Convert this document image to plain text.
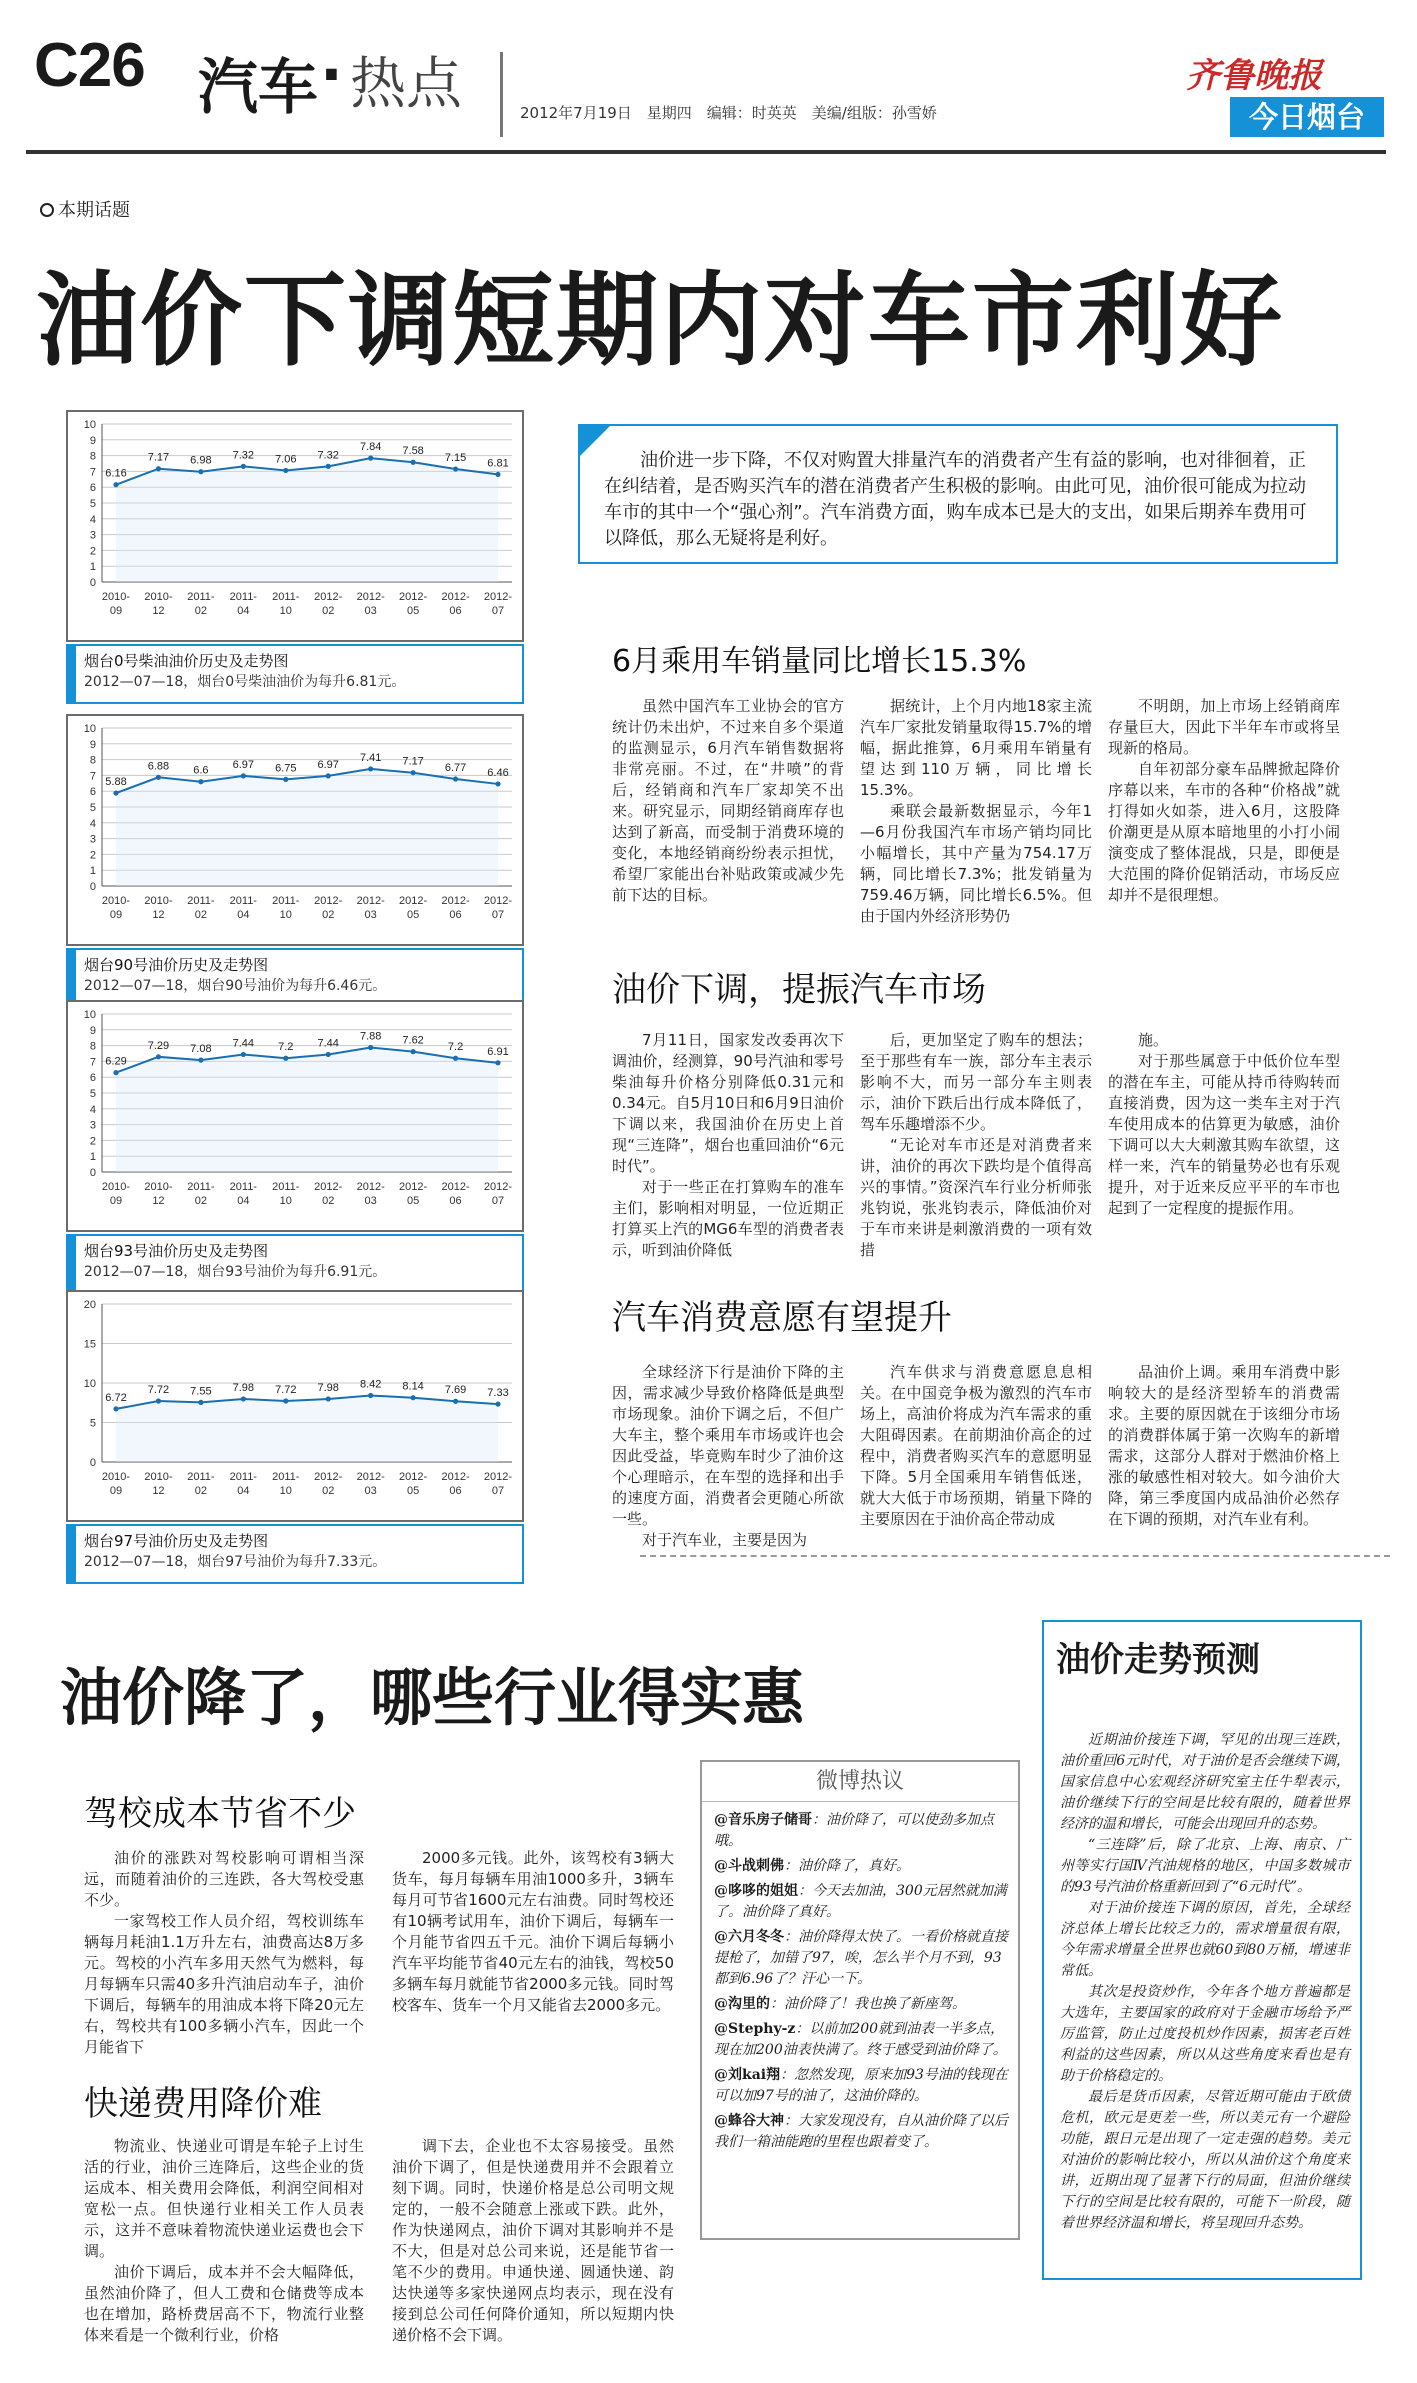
C26 汽车 · 热点	2012年7月19日　星期四　编辑：时英英　美编/组版：孙雪娇
齐鲁晚报
今日烟台
本期话题
油价下调短期内对车市利好
0
1
2
3
4
5
6
7
8
9
10
6.16
2010-
09
7.17
2010-
12
6.98
2011-
02
7.32
2011-
04
7.06
2011-
10
7.32
2012-
02
7.84
2012-
03
7.58
2012-
05
7.15
2012-
06
6.81
2012-
07
烟台0号柴油油价历史及走势图
2012—07—18，烟台0号柴油油价为每升6.81元。
0
1
2
3
4
5
6
7
8
9
10
5.88
2010-
09
6.88
2010-
12
6.6
2011-
02
6.97
2011-
04
6.75
2011-
10
6.97
2012-
02
7.41
2012-
03
7.17
2012-
05
6.77
2012-
06
6.46
2012-
07
烟台90号油价历史及走势图
2012—07—18，烟台90号油价为每升6.46元。
0
1
2
3
4
5
6
7
8
9
10
6.29
2010-
09
7.29
2010-
12
7.08
2011-
02
7.44
2011-
04
7.2
2011-
10
7.44
2012-
02
7.88
2012-
03
7.62
2012-
05
7.2
2012-
06
6.91
2012-
07
烟台93号油价历史及走势图
2012—07—18，烟台93号油价为每升6.91元。
0
5
10
15
20
6.72
2010-
09
7.72
2010-
12
7.55
2011-
02
7.98
2011-
04
7.72
2011-
10
7.98
2012-
02
8.42
2012-
03
8.14
2012-
05
7.69
2012-
06
7.33
2012-
07
烟台97号油价历史及走势图
2012—07—18，烟台97号油价为每升7.33元。
油价进一步下降，不仅对购置大排量汽车的消费者产生有益的影响，也对徘徊着，正在纠结着，是否购买汽车的潜在消费者产生积极的影响。由此可见，油价很可能成为拉动车市的其中一个“强心剂”。汽车消费方面，购车成本已是大的支出，如果后期养车费用可以降低，那么无疑将是利好。
6月乘用车销量同比增长15.3%

虽然中国汽车工业协会的官方统计仍未出炉，不过来自多个渠道的监测显示，6月汽车销售数据将非常亮丽。不过，在“井喷”的背后，经销商和汽车厂家却笑不出来。研究显示，同期经销商库存也达到了新高，而受制于消费环境的变化，本地经销商纷纷表示担忧，希望厂家能出台补贴政策或减少先前下达的目标。

据统计，上个月内地18家主流汽车厂家批发销量取得15.7%的增幅，据此推算，6月乘用车销量有望达到110万辆，同比增长15.3%。

乘联会最新数据显示，今年1—6月份我国汽车市场产销均同比小幅增长，其中产量为754.17万辆，同比增长7.3%；批发销量为759.46万辆，同比增长6.5%。但由于国内外经济形势仍

不明朗，加上市场上经销商库存量巨大，因此下半年车市或将呈现新的格局。

自年初部分豪车品牌掀起降价序幕以来，车市的各种“价格战”就打得如火如荼，进入6月，这股降价潮更是从原本暗地里的小打小闹演变成了整体混战，只是，即便是大范围的降价促销活动，市场反应却并不是很理想。

油价下调，提振汽车市场

7月11日，国家发改委再次下调油价，经测算，90号汽油和零号柴油每升价格分别降低0.31元和0.34元。自5月10日和6月9日油价下调以来，我国油价在历史上首现“三连降”，烟台也重回油价“6元时代”。

对于一些正在打算购车的准车主们，影响相对明显，一位近期正打算买上汽的MG6车型的消费者表示，听到油价降低

后，更加坚定了购车的想法；至于那些有车一族，部分车主表示影响不大，而另一部分车主则表示，油价下跌后出行成本降低了，驾车乐趣增添不少。

“无论对车市还是对消费者来讲，油价的再次下跌均是个值得高兴的事情。”资深汽车行业分析师张兆钧说，张兆钧表示，降低油价对于车市来讲是刺激消费的一项有效措

施。

对于那些属意于中低价位车型的潜在车主，可能从持币待购转而直接消费，因为这一类车主对于汽车使用成本的估算更为敏感，油价下调可以大大刺激其购车欲望，这样一来，汽车的销量势必也有乐观提升，对于近来反应平平的车市也起到了一定程度的提振作用。

汽车消费意愿有望提升

全球经济下行是油价下降的主因，需求减少导致价格降低是典型市场现象。油价下调之后，不但广大车主，整个乘用车市场或许也会因此受益，毕竟购车时少了油价这个心理暗示，在车型的选择和出手的速度方面，消费者会更随心所欲一些。

对于汽车业，主要是因为

汽车供求与消费意愿息息相关。在中国竞争极为激烈的汽车市场上，高油价将成为汽车需求的重大阻碍因素。在前期油价高企的过程中，消费者购买汽车的意愿明显下降。5月全国乘用车销售低迷，就大大低于市场预期，销量下降的主要原因在于油价高企带动成

品油价上调。乘用车消费中影响较大的是经济型轿车的消费需求。主要的原因就在于该细分市场的消费群体属于第一次购车的新增需求，这部分人群对于燃油价格上涨的敏感性相对较大。如今油价大降，第三季度国内成品油价必然存在下调的预期，对汽车业有利。

油价降了，哪些行业得实惠
驾校成本节省不少

油价的涨跌对驾校影响可谓相当深远，而随着油价的三连跌，各大驾校受惠不少。

一家驾校工作人员介绍，驾校训练车辆每月耗油1.1万升左右，油费高达8万多元。驾校的小汽车多用天然气为燃料，每月每辆车只需40多升汽油启动车子，油价下调后，每辆车的用油成本将下降20元左右，驾校共有100多辆小汽车，因此一个月能省下

2000多元钱。此外，该驾校有3辆大货车，每月每辆车用油1000多升，3辆车每月可节省1600元左右油费。同时驾校还有10辆考试用车，油价下调后，每辆车一个月能节省四五千元。油价下调后每辆小汽车平均能节省40元左右的油钱，驾校50多辆车每月就能节省2000多元钱。同时驾校客车、货车一个月又能省去2000多元。

快递费用降价难

物流业、快递业可谓是车轮子上讨生活的行业，油价三连降后，这些企业的货运成本、相关费用会降低，利润空间相对宽松一点。但快递行业相关工作人员表示，这并不意味着物流快递业运费也会下调。

油价下调后，成本并不会大幅降低，虽然油价降了，但人工费和仓储费等成本也在增加，路桥费居高不下，物流行业整体来看是一个微利行业，价格

调下去，企业也不太容易接受。虽然油价下调了，但是快递费用并不会跟着立刻下调。同时，快递价格是总公司明文规定的，一般不会随意上涨或下跌。此外，作为快递网点，油价下调对其影响并不是不大，但是对总公司来说，还是能节省一笔不少的费用。申通快递、圆通快递、韵达快递等多家快递网点均表示，现在没有接到总公司任何降价通知，所以短期内快递价格不会下调。

微博热议
@音乐房子储哥：油价降了，可以使劲多加点哦。
@斗战刺佛：油价降了，真好。
@哆哆的姐姐：今天去加油，300元居然就加满了。油价降了真好。
@六月冬冬：油价降得太快了。一看价格就直接提枪了，加错了97，唉，怎么半个月不到，93都到6.96了？汗心一下。
@沟里的：油价降了！我也换了新座驾。
@Stephy-z：以前加200就到油表一半多点，现在加200油表快满了。终于感受到油价降了。
@刘kai翔：忽然发现，原来加93号油的钱现在可以加97号的油了，这油价降的。
@蜂谷大神：大家发现没有，自从油价降了以后我们一箱油能跑的里程也跟着变了。
油价走势预测

近期油价接连下调，罕见的出现三连跌，油价重回6元时代，对于油价是否会继续下调，国家信息中心宏观经济研究室主任牛犁表示，油价继续下行的空间是比较有限的，随着世界经济的温和增长，可能会出现回升的态势。

“三连降”后，除了北京、上海、南京、广州等实行国Ⅳ汽油规格的地区，中国多数城市的93号汽油价格重新回到了“6元时代”。

对于油价接连下调的原因，首先，全球经济总体上增长比较乏力的，需求增量很有限，今年需求增量全世界也就60到80万桶，增速非常低。

其次是投资炒作，今年各个地方普遍都是大选年，主要国家的政府对于金融市场给予严厉监管，防止过度投机炒作因素，损害老百姓利益的这些因素，所以从这些角度来看也是有助于价格稳定的。

最后是货币因素，尽管近期可能由于欧债危机，欧元是更差一些，所以美元有一个避险功能，跟日元是出现了一定走强的趋势。美元对油价的影响比较小，所以从油价这个角度来讲，近期出现了显著下行的局面，但油价继续下行的空间是比较有限的，可能下一阶段，随着世界经济温和增长，将呈现回升态势。
